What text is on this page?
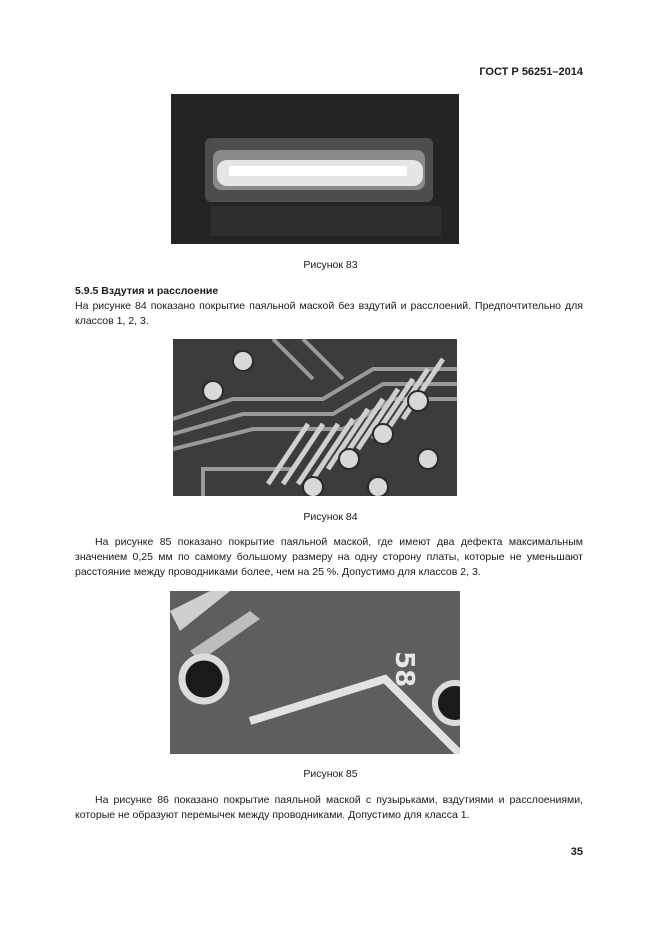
ГОСТ Р 56251–2014
Рисунок 83
5.9.5 Вздутия и расслоение
На рисунке 84 показано покрытие паяльной маской без вздутий и расслоений. Предпочтительно для классов 1, 2, 3.
Рисунок 84
На рисунке 85 показано покрытие паяльной маской, где имеют два дефекта максимальным значением 0,25 мм по самому большому размеру на одну сторону платы, которые не уменьшают расстояние между проводниками более, чем на 25 %. Допустимо для классов 2, 3.
58
Рисунок 85
На рисунке 86 показано покрытие паяльной маской с пузырьками, вздутиями и расслоениями, которые не образуют перемычек между проводниками. Допустимо для класса 1.
35
